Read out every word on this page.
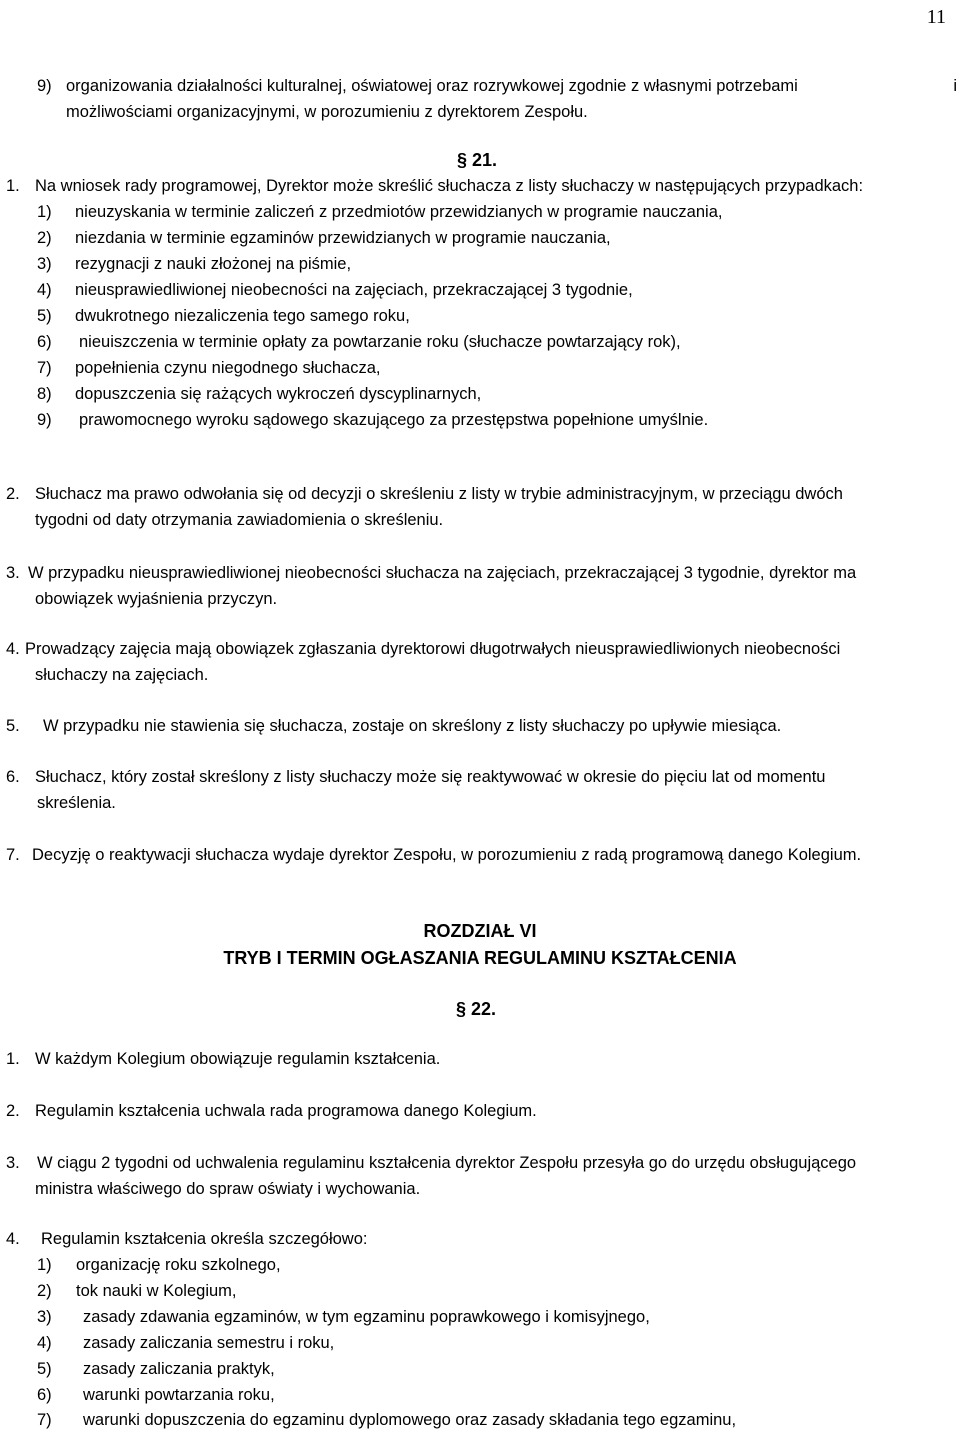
11
9) organizowania działalności kulturalnej, oświatowej oraz rozrywkowej zgodnie z własnymi potrzebami	i
możliwościami organizacyjnymi, w porozumieniu z dyrektorem Zespołu.
§ 21.
1. Na wniosek rady programowej, Dyrektor może skreślić słuchacza z listy słuchaczy w następujących przypadkach:
1) nieuzyskania w terminie zaliczeń z przedmiotów przewidzianych w programie nauczania,
2) niezdania w terminie egzaminów przewidzianych w programie nauczania,
3) rezygnacji z nauki złożonej na piśmie,
4) nieusprawiedliwionej nieobecności na zajęciach, przekraczającej 3 tygodnie,
5) dwukrotnego niezaliczenia tego samego roku,
6) nieuiszczenia w terminie opłaty za powtarzanie roku (słuchacze powtarzający rok),
7) popełnienia czynu niegodnego słuchacza,
8) dopuszczenia się rażących wykroczeń dyscyplinarnych,
9) prawomocnego wyroku sądowego skazującego za przestępstwa popełnione umyślnie.
2. Słuchacz ma prawo odwołania się od decyzji o skreśleniu z listy w trybie administracyjnym, w przeciągu dwóch
tygodni od daty otrzymania zawiadomienia o skreśleniu.
3. W przypadku nieusprawiedliwionej nieobecności słuchacza na zajęciach, przekraczającej 3 tygodnie, dyrektor ma
obowiązek wyjaśnienia przyczyn.
4. Prowadzący zajęcia mają obowiązek zgłaszania dyrektorowi długotrwałych nieusprawiedliwionych nieobecności
słuchaczy na zajęciach.
5. W przypadku nie stawienia się słuchacza, zostaje on skreślony z listy słuchaczy po upływie miesiąca.
6. Słuchacz, który został skreślony z listy słuchaczy może się reaktywować w okresie do pięciu lat od momentu
skreślenia.
7. Decyzję o reaktywacji słuchacza wydaje dyrektor Zespołu, w porozumieniu z radą programową danego Kolegium.
ROZDZIAŁ VI
TRYB I TERMIN OGŁASZANIA REGULAMINU KSZTAŁCENIA
§ 22.
1. W każdym Kolegium obowiązuje regulamin kształcenia.
2. Regulamin kształcenia uchwala rada programowa danego Kolegium.
3. W ciągu 2 tygodni od uchwalenia regulaminu kształcenia dyrektor Zespołu przesyła go do urzędu obsługującego
ministra właściwego do spraw oświaty i wychowania.
4. Regulamin kształcenia określa szczegółowo:
1) organizację roku szkolnego,
2) tok nauki w Kolegium,
3) zasady zdawania egzaminów, w tym egzaminu poprawkowego i komisyjnego,
4) zasady zaliczania semestru i roku,
5) zasady zaliczania praktyk,
6) warunki powtarzania roku,
7) warunki dopuszczenia do egzaminu dyplomowego oraz zasady składania tego egzaminu,
